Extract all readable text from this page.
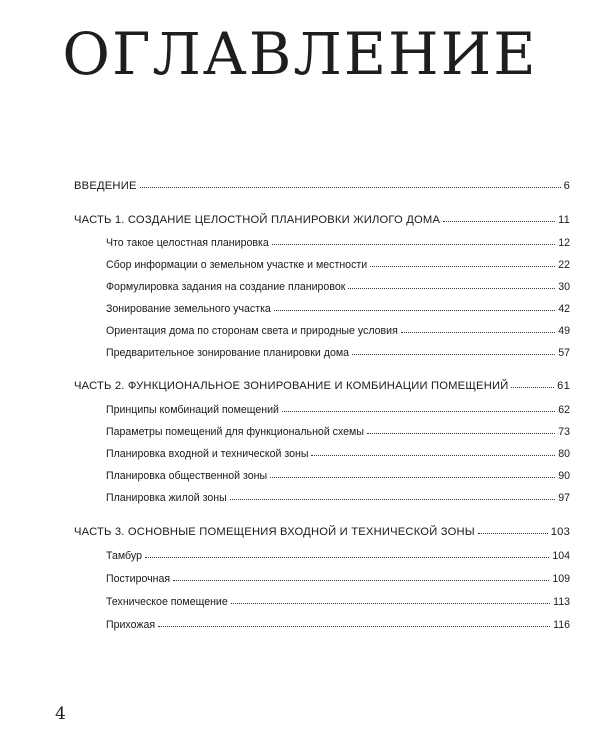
ОГЛАВЛЕНИЕ
ВВЕДЕНИЕ	6
ЧАСТЬ 1. СОЗДАНИЕ ЦЕЛОСТНОЙ ПЛАНИРОВКИ ЖИЛОГО ДОМА	11
Что такое целостная планировка	12
Сбор информации о земельном участке и местности	22
Формулировка задания на создание планировок	30
Зонирование земельного участка	42
Ориентация дома по сторонам света и природные условия	49
Предварительное зонирование планировки дома	57
ЧАСТЬ 2. ФУНКЦИОНАЛЬНОЕ ЗОНИРОВАНИЕ И КОМБИНАЦИИ ПОМЕЩЕНИЙ	61
Принципы комбинаций помещений	62
Параметры помещений для функциональной схемы	73
Планировка входной и технической зоны	80
Планировка общественной зоны	90
Планировка жилой зоны	97
ЧАСТЬ 3. ОСНОВНЫЕ ПОМЕЩЕНИЯ ВХОДНОЙ И ТЕХНИЧЕСКОЙ ЗОНЫ	103
Тамбур	104
Постирочная	109
Техническое помещение	113
Прихожая	116
4
